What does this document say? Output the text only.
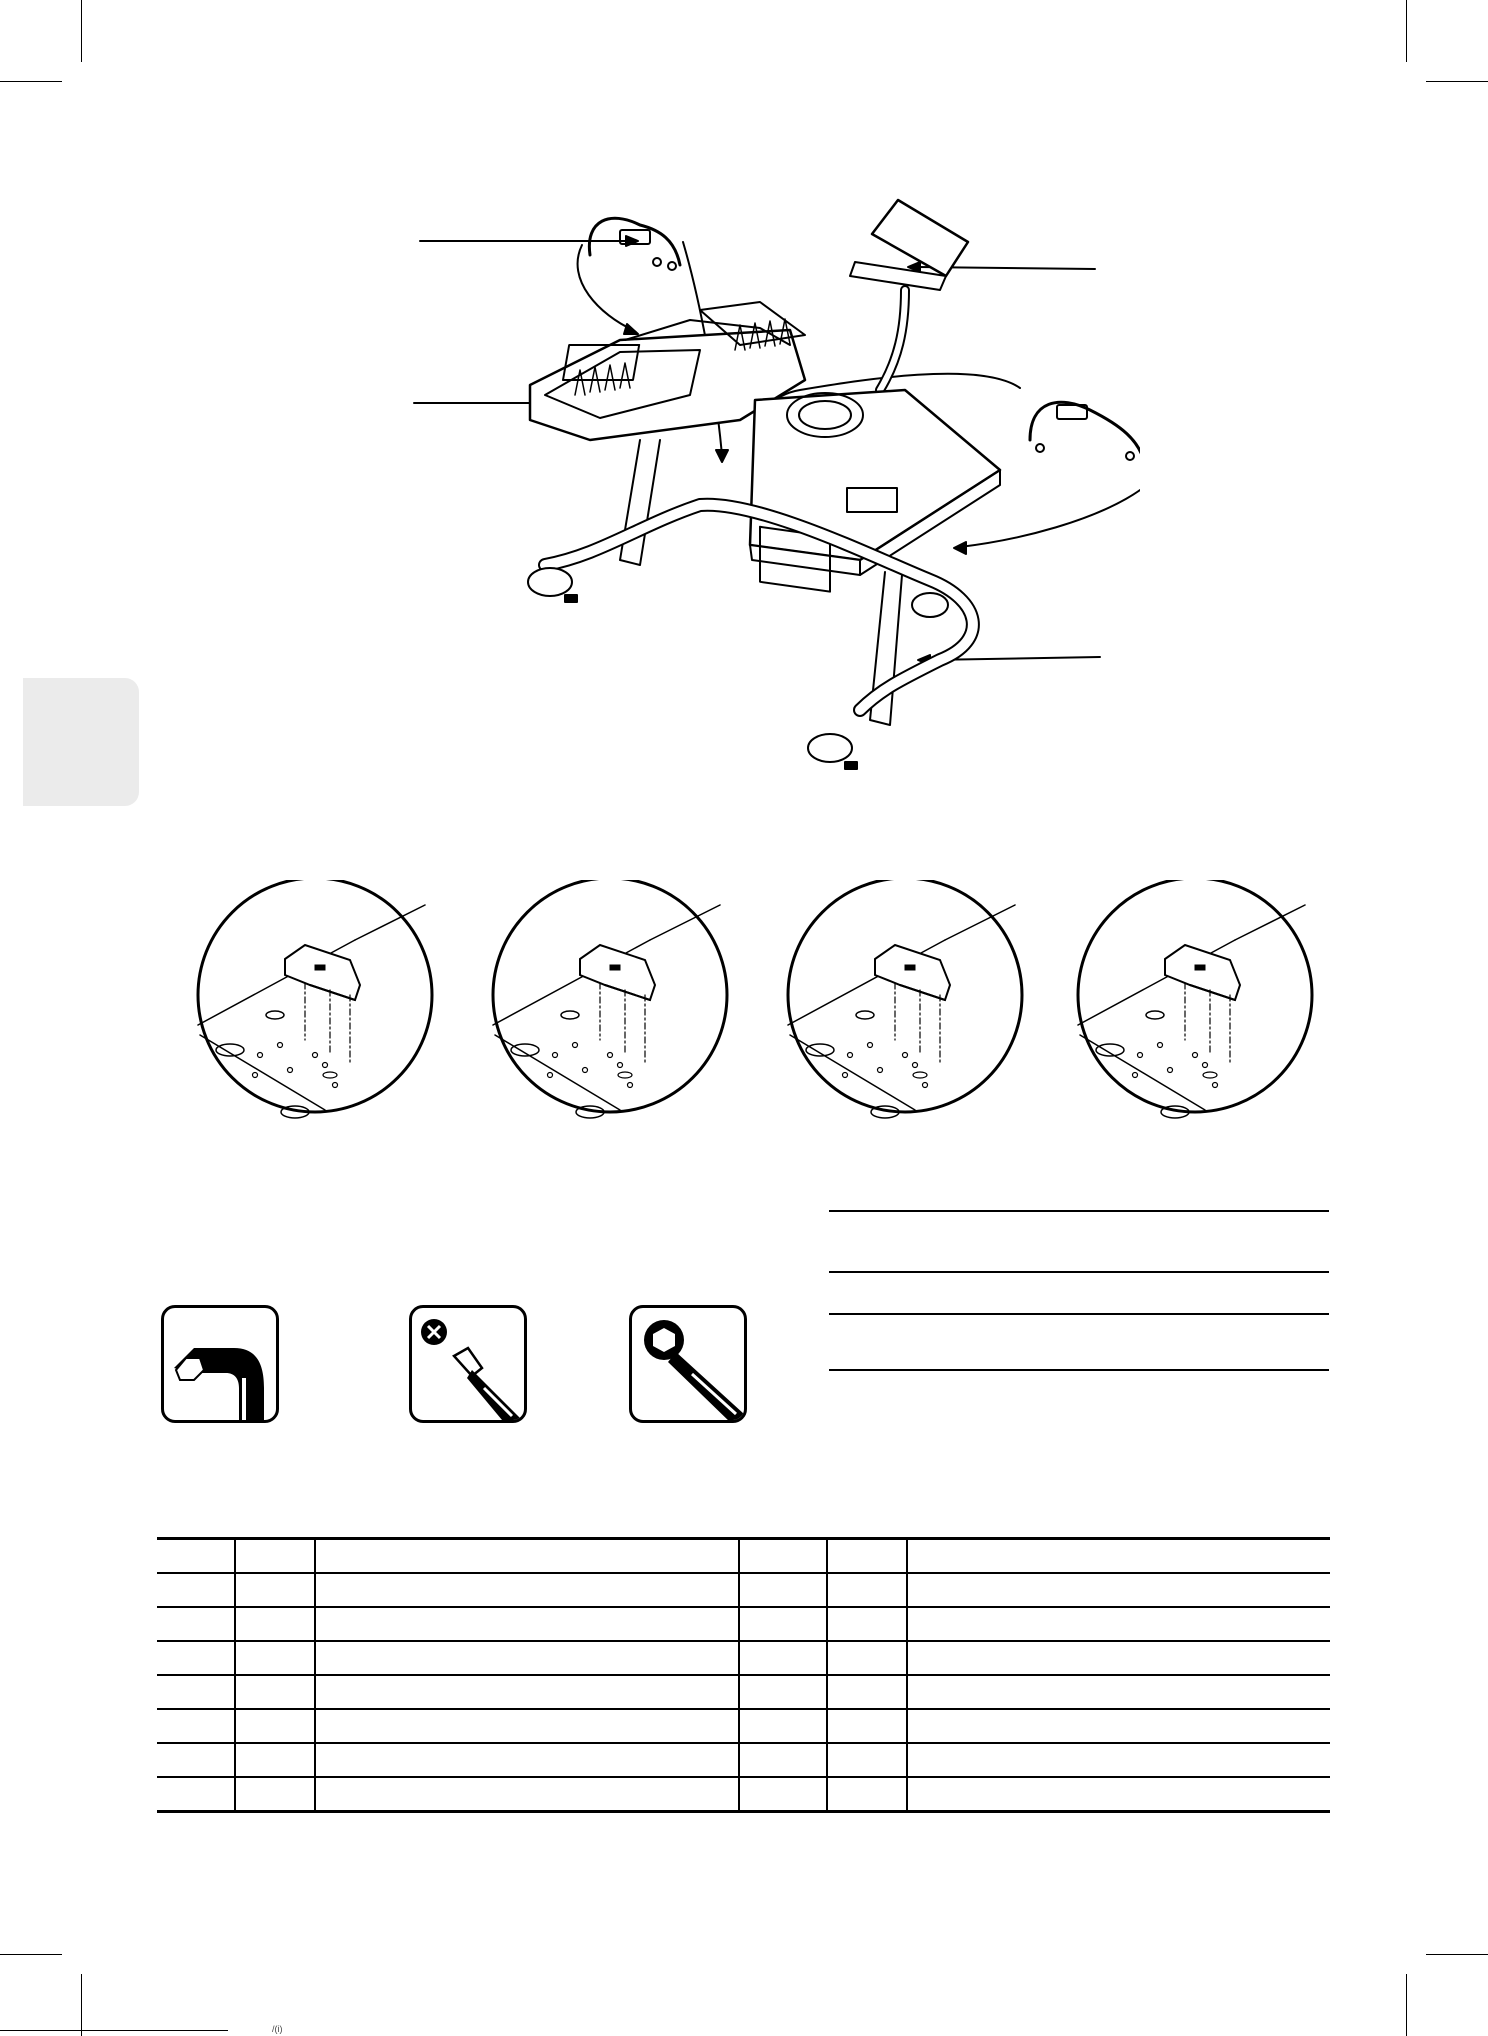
/(i)
